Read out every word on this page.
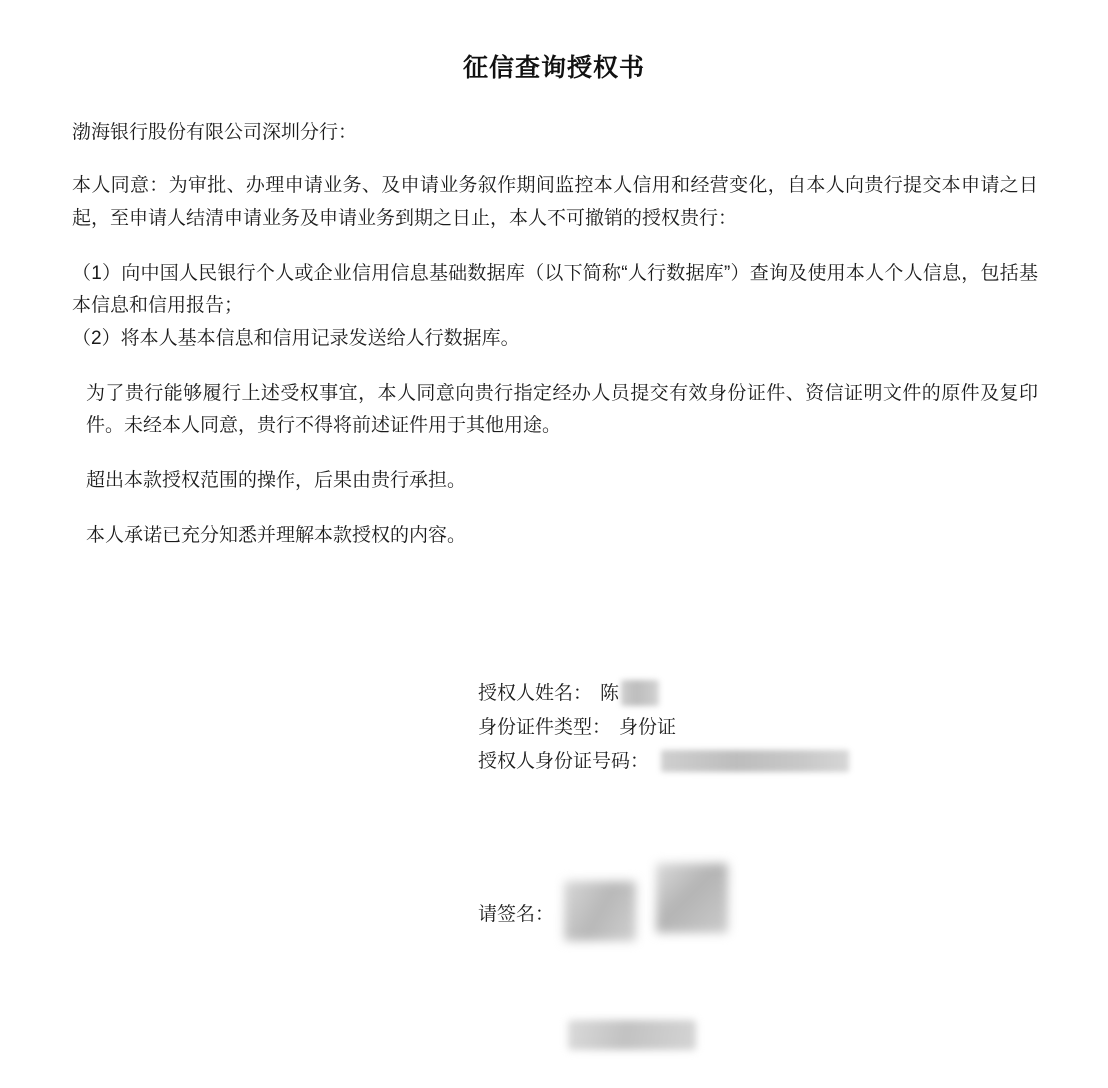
征信查询授权书
渤海银行股份有限公司深圳分行：
本人同意：为审批、办理申请业务、及申请业务叙作期间监控本人信用和经营变化，自本人向贵行提交本申请之日起，至申请人结清申请业务及申请业务到期之日止，本人不可撤销的授权贵行：
（1）向中国人民银行个人或企业信用信息基础数据库（以下简称“人行数据库”）查询及使用本人个人信息，包括基本信息和信用报告；
（2）将本人基本信息和信用记录发送给人行数据库。
为了贵行能够履行上述受权事宜，本人同意向贵行指定经办人员提交有效身份证件、资信证明文件的原件及复印件。未经本人同意，贵行不得将前述证件用于其他用途。
超出本款授权范围的操作，后果由贵行承担。
本人承诺已充分知悉并理解本款授权的内容。
授权人姓名： 陈
身份证件类型： 身份证
授权人身份证号码：
请签名：
